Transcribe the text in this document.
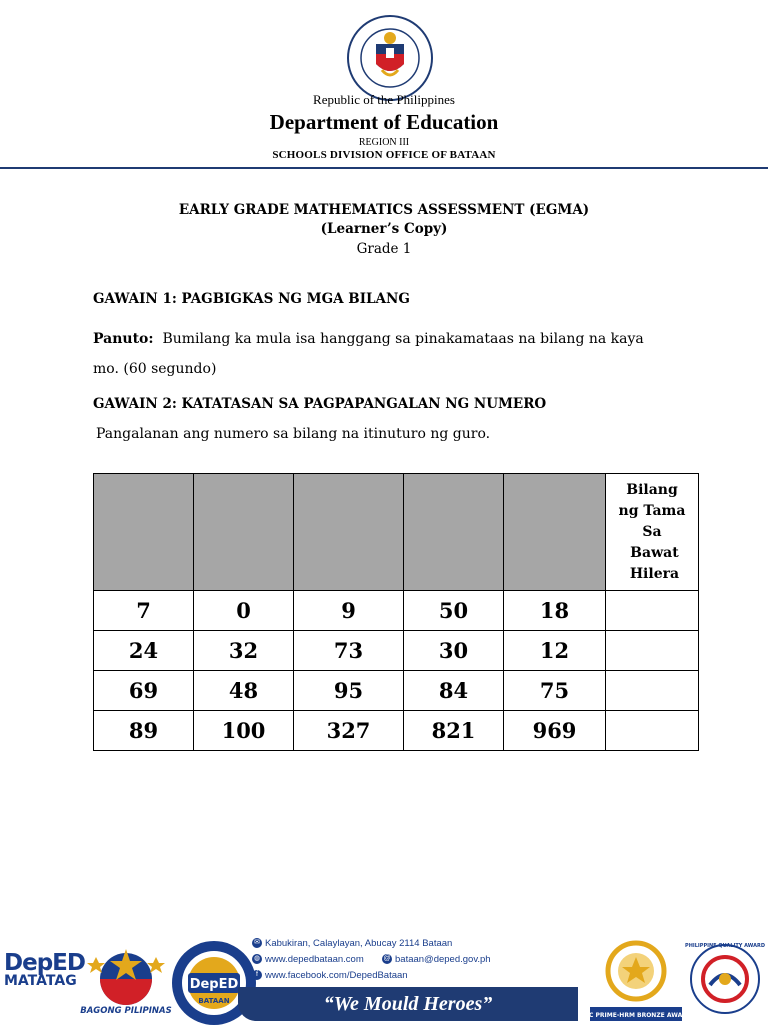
Republic of the Philippines
Department of Education
REGION III
SCHOOLS DIVISION OFFICE OF BATAAN
EARLY GRADE MATHEMATICS ASSESSMENT (EGMA)
(Learner’s Copy)
Grade 1
GAWAIN 1: PAGBIGKAS NG MGA BILANG
Panuto: Bumilang ka mula isa hanggang sa pinakamataas na bilang na kaya mo. (60 segundo)
GAWAIN 2: KATATASAN SA PAGPAPANGALAN NG NUMERO
Pangalanan ang numero sa bilang na itinuturo ng guro.

					Bilang
ng Tama
Sa
Bawat
Hilera

7	0	9	50	18	
24	32	73	30	12	
69	48	95	84	75	
89	100	327	821	969	
DepED
MATATAG
BAGONG PILIPINAS
DepED
BATAAN
✉ Kabukiran, Calaylayan, Abucay 2114 Bataan
◍ www.depedbataan.com	@ bataan@deped.gov.ph
f www.facebook.com/DepedBataan
“We Mould Heroes”
CSC PRIME-HRM BRONZE AWARD
PHILIPPINE QUALITY AWARD
